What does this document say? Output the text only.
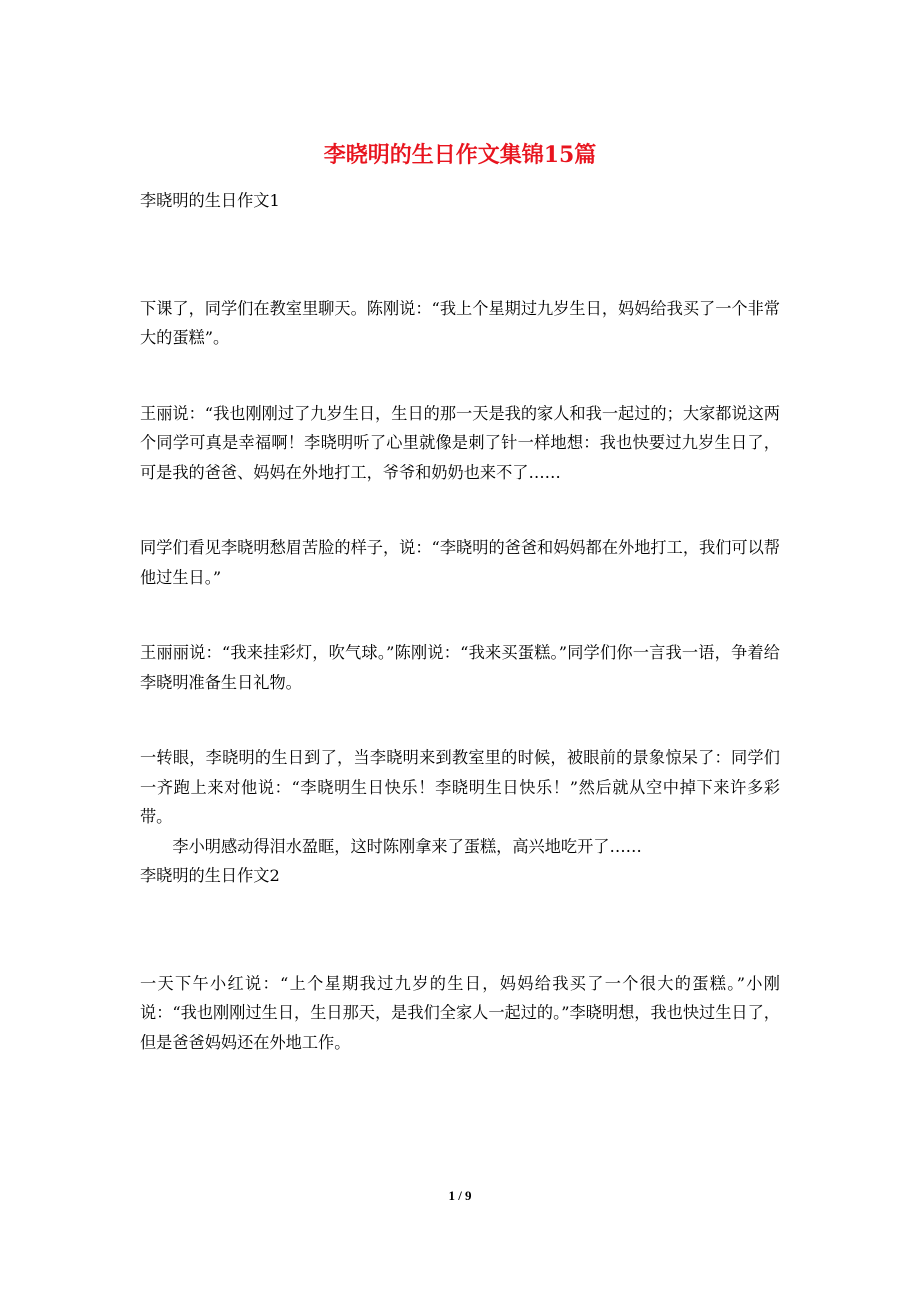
李晓明的生日作文集锦15篇
李晓明的生日作文1

下课了，同学们在教室里聊天。陈刚说：“我上个星期过九岁生日，妈妈给我买了一个非常大的蛋糕”。

王丽说：“我也刚刚过了九岁生日，生日的那一天是我的家人和我一起过的；大家都说这两个同学可真是幸福啊！李晓明听了心里就像是刺了针一样地想：我也快要过九岁生日了，可是我的爸爸、妈妈在外地打工，爷爷和奶奶也来不了……

同学们看见李晓明愁眉苦脸的样子，说：“李晓明的爸爸和妈妈都在外地打工，我们可以帮他过生日。”

王丽丽说：“我来挂彩灯，吹气球。”陈刚说：“我来买蛋糕。”同学们你一言我一语，争着给李晓明准备生日礼物。

一转眼，李晓明的生日到了，当李晓明来到教室里的时候，被眼前的景象惊呆了：同学们一齐跑上来对他说：“李晓明生日快乐！李晓明生日快乐！”然后就从空中掉下来许多彩带。

李小明感动得泪水盈眶，这时陈刚拿来了蛋糕，高兴地吃开了……

李晓明的生日作文2

一天下午小红说：“上个星期我过九岁的生日，妈妈给我买了一个很大的蛋糕。”小刚说：“我也刚刚过生日，生日那天，是我们全家人一起过的。”李晓明想，我也快过生日了，但是爸爸妈妈还在外地工作。

1 / 9
